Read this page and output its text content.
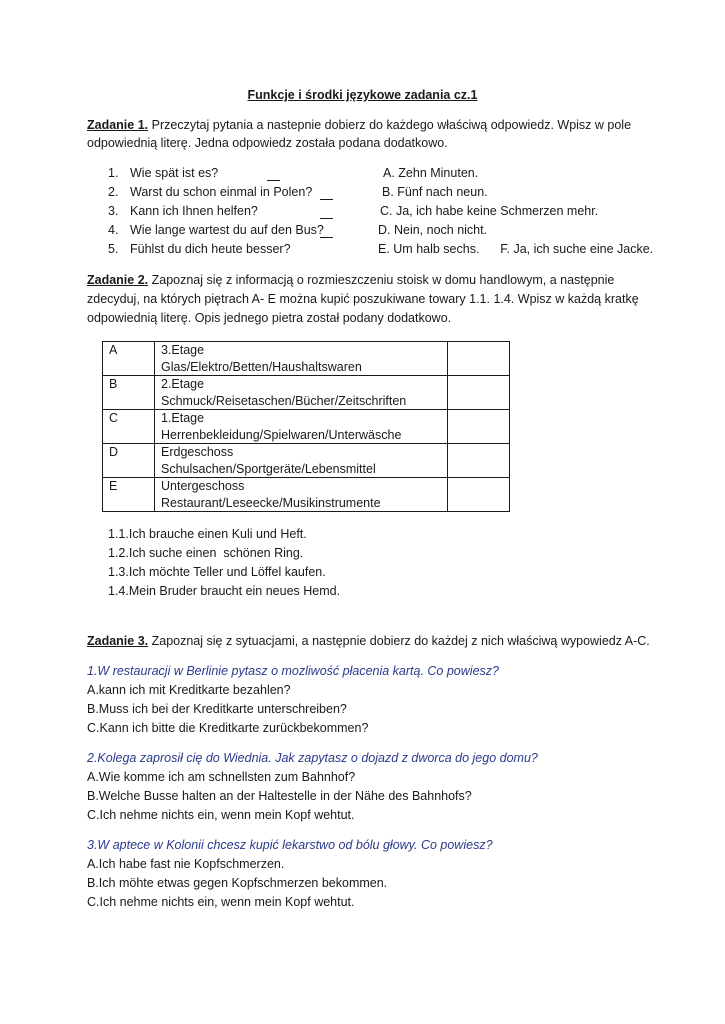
Funkcje i środki językowe zadania cz.1
Zadanie 1. Przeczytaj pytania a nastepnie dobierz do każdego właściwą odpowiedz. Wpisz w pole
odpowiednią literę. Jedna odpowiedz została podana dodatkowo.
1. Wie spät ist es?
2. Warst du schon einmal in Polen?
3. Kann ich Ihnen helfen?
4. Wie lange wartest du auf den Bus?
5. Fühlst du dich heute besser?
A. Zehn Minuten.
B. Fünf nach neun.
C. Ja, ich habe keine Schmerzen mehr.
D. Nein, noch nicht.
E. Um halb sechs.      F. Ja, ich suche eine Jacke.
Zadanie 2. Zapoznaj się z informacją o rozmieszczeniu stoisk w domu handlowym, a następnie
zdecyduj, na których piętrach A- E można kupić poszukiwane towary 1.1. 1.4. Wpisz w każdą kratkę
odpowiednią literę. Opis jednego pietra został podany dodatkowo.
A	3.Etage
Glas/Elektro/Betten/Haushaltswaren	

B	2.Etage
Schmuck/Reisetaschen/Bücher/Zeitschriften	

C	1.Etage
Herrenbekleidung/Spielwaren/Unterwäsche	

D	Erdgeschoss
Schulsachen/Sportgeräte/Lebensmittel	

E	Untergeschoss
Restaurant/Leseecke/Musikinstrumente	

1.1.Ich brauche einen Kuli und Heft.
1.2.Ich suche einen  schönen Ring.
1.3.Ich möchte Teller und Löffel kaufen.
1.4.Mein Bruder braucht ein neues Hemd.
Zadanie 3. Zapoznaj się z sytuacjami, a następnie dobierz do każdej z nich właściwą wypowiedz A-C.
1.W restauracji w Berlinie pytasz o mozliwość płacenia kartą. Co powiesz?
A.kann ich mit Kreditkarte bezahlen?
B.Muss ich bei der Kreditkarte unterschreiben?
C.Kann ich bitte die Kreditkarte zurückbekommen?
2.Kolega zaprosił cię do Wiednia. Jak zapytasz o dojazd z dworca do jego domu?
A.Wie komme ich am schnellsten zum Bahnhof?
B.Welche Busse halten an der Haltestelle in der Nähe des Bahnhofs?
C.Ich nehme nichts ein, wenn mein Kopf wehtut.
3.W aptece w Kolonii chcesz kupić lekarstwo od bólu głowy. Co powiesz?
A.Ich habe fast nie Kopfschmerzen.
B.Ich möhte etwas gegen Kopfschmerzen bekommen.
C.Ich nehme nichts ein, wenn mein Kopf wehtut.
